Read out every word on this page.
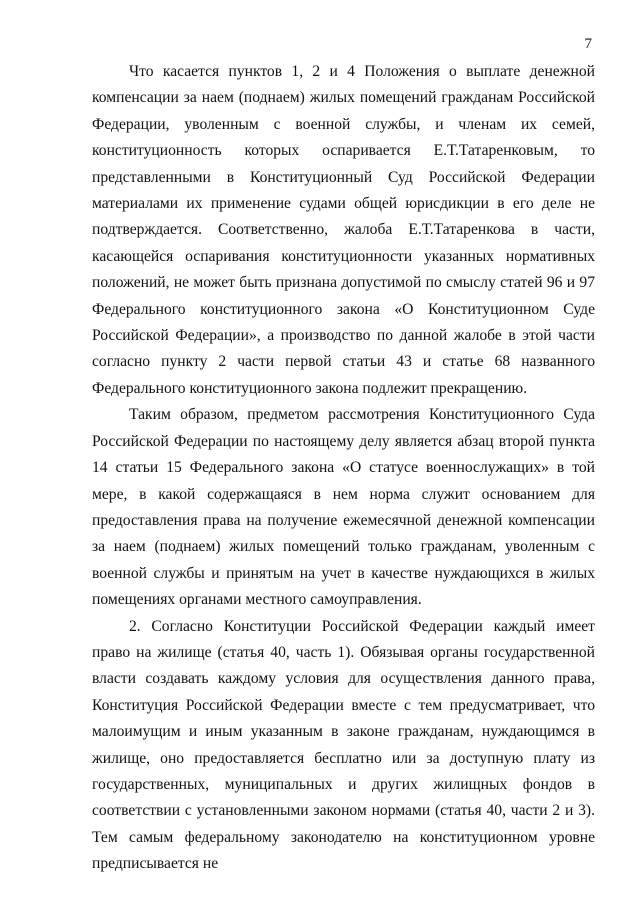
7

Что касается пунктов 1, 2 и 4 Положения о выплате денежной компенсации за наем (поднаем) жилых помещений гражданам Российской Федерации, уволенным с военной службы, и членам их семей, конституционность которых оспаривается Е.Т.Татаренковым, то представленными в Конституционный Суд Российской Федерации материалами их применение судами общей юрисдикции в его деле не подтверждается. Соответственно, жалоба Е.Т.Татаренкова в части, касающейся оспаривания конституционности указанных нормативных положений, не может быть признана допустимой по смыслу статей 96 и 97 Федерального конституционного закона «О Конституционном Суде Российской Федерации», а производство по данной жалобе в этой части согласно пункту 2 части первой статьи 43 и статье 68 названного Федерального конституционного закона подлежит прекращению.

Таким образом, предметом рассмотрения Конституционного Суда Российской Федерации по настоящему делу является абзац второй пункта 14 статьи 15 Федерального закона «О статусе военнослужащих» в той мере, в какой содержащаяся в нем норма служит основанием для предоставления права на получение ежемесячной денежной компенсации за наем (поднаем) жилых помещений только гражданам, уволенным с военной службы и принятым на учет в качестве нуждающихся в жилых помещениях органами местного самоуправления.

2. Согласно Конституции Российской Федерации каждый имеет право на жилище (статья 40, часть 1). Обязывая органы государственной власти создавать каждому условия для осуществления данного права, Конституция Российской Федерации вместе с тем предусматривает, что малоимущим и иным указанным в законе гражданам, нуждающимся в жилище, оно предоставляется бесплатно или за доступную плату из государственных, муниципальных и других жилищных фондов в соответствии с установленными законом нормами (статья 40, части 2 и 3). Тем самым федеральному законодателю на конституционном уровне предписывается не
